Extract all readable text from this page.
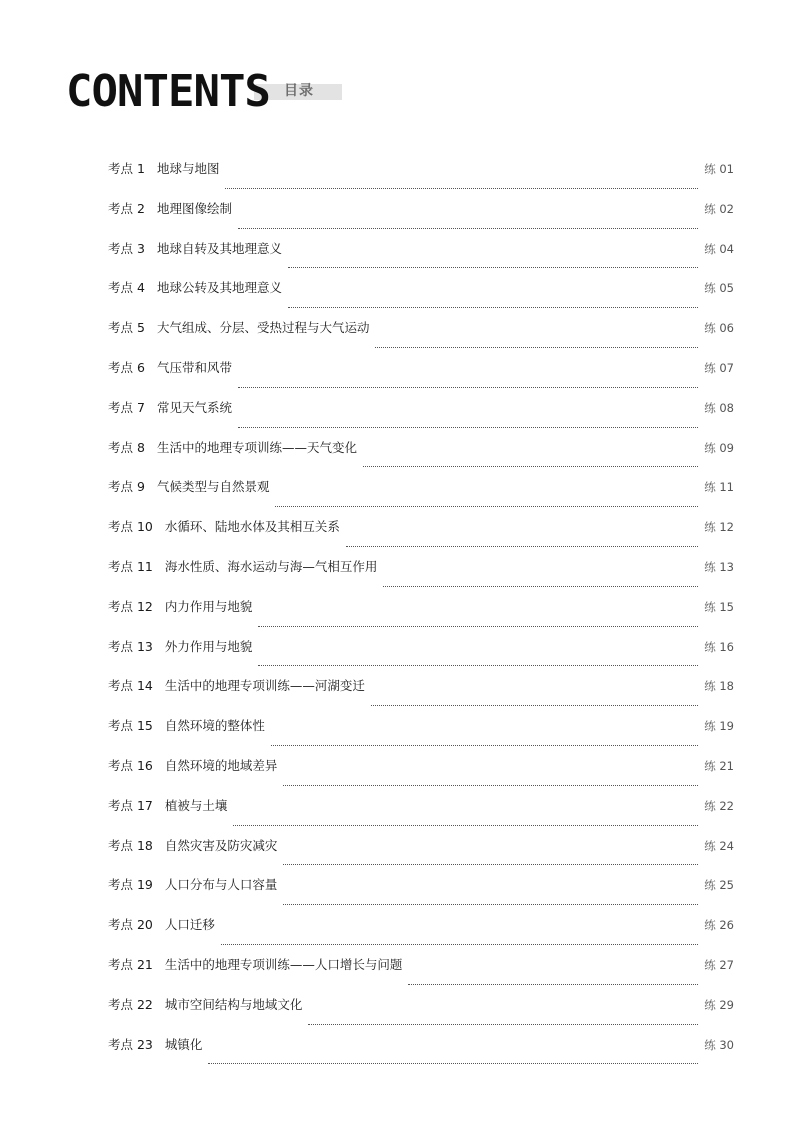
CONTENTS 目录
考点 1 地球与地图	练 01
考点 2 地理图像绘制	练 02
考点 3 地球自转及其地理意义	练 04
考点 4 地球公转及其地理意义	练 05
考点 5 大气组成、分层、受热过程与大气运动	练 06
考点 6 气压带和风带	练 07
考点 7 常见天气系统	练 08
考点 8 生活中的地理专项训练——天气变化	练 09
考点 9 气候类型与自然景观	练 11
考点 10 水循环、陆地水体及其相互关系	练 12
考点 11 海水性质、海水运动与海—气相互作用	练 13
考点 12 内力作用与地貌	练 15
考点 13 外力作用与地貌	练 16
考点 14 生活中的地理专项训练——河湖变迁	练 18
考点 15 自然环境的整体性	练 19
考点 16 自然环境的地域差异	练 21
考点 17 植被与土壤	练 22
考点 18 自然灾害及防灾减灾	练 24
考点 19 人口分布与人口容量	练 25
考点 20 人口迁移	练 26
考点 21 生活中的地理专项训练——人口增长与问题	练 27
考点 22 城市空间结构与地域文化	练 29
考点 23 城镇化	练 30
